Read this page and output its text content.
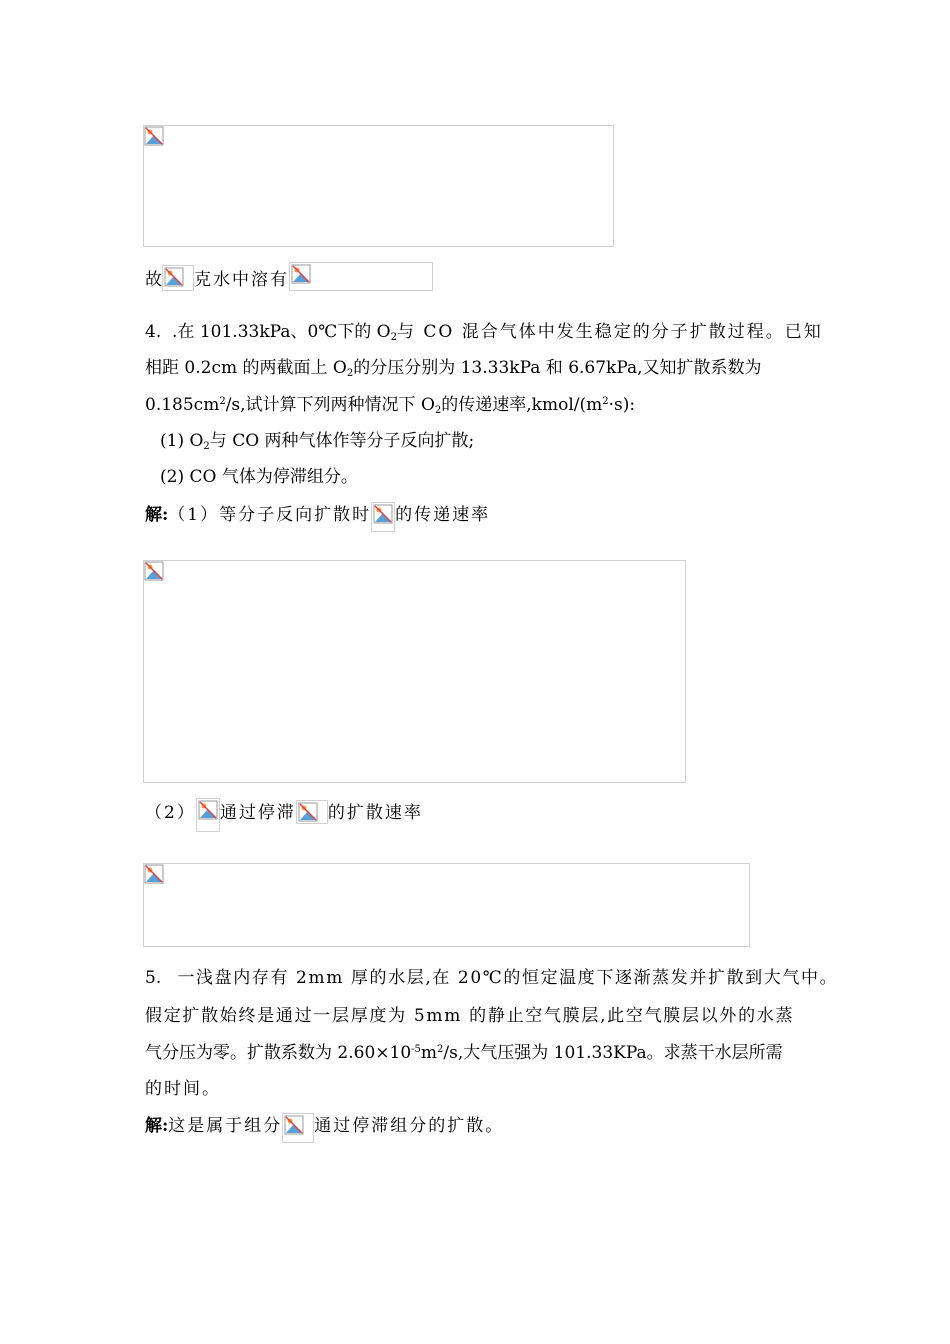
故 克水中溶有
4. .在 101.33kPa、0℃下的 $O_2$与 CO 混合气体中发生稳定的分子扩散过程。已知
相距 0.2cm 的两截面上 $O_2$的分压分别为 13.33kPa 和 6.67kPa,又知扩散系数为
$0.185cm^2/s$,试计算下列两种情况下 $O_2$的传递速率$,kmol/(m^2\cdot s)$:
(1) $O_2$与 CO 两种气体作等分子反向扩散;
(2) CO 气体为停滞组分。
解:（1）等分子反向扩散时 的传递速率
（2） 通过停滞 的扩散速率
5. 一浅盘内存有 2mm 厚的水层,在 20℃的恒定温度下逐渐蒸发并扩散到大气中。
假定扩散始终是通过一层厚度为 5mm 的静止空气膜层,此空气膜层以外的水蒸
气分压为零。扩散系数为 $2.60\times 10^{-5}m^2/s$,大气压强为 101.33KPa。求蒸干水层所需
的时间。
解:这是属于组分 通过停滞组分的扩散。
